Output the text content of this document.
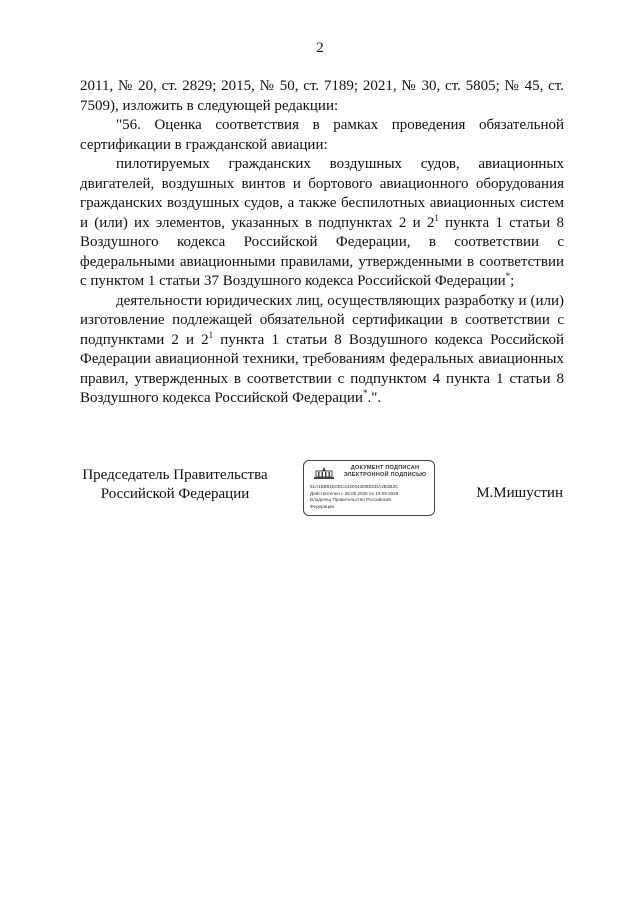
2

2011, № 20, ст. 2829; 2015, № 50, ст. 7189; 2021, № 30, ст. 5805; № 45, ст. 7509), изложить в следующей редакции:

"56. Оценка соответствия в рамках проведения обязательной сертификации в гражданской авиации:

пилотируемых гражданских воздушных судов, авиационных двигателей, воздушных винтов и бортового авиационного оборудования гражданских воздушных судов, а также беспилотных авиационных систем и (или) их элементов, указанных в подпунктах 2 и $2^1$ пункта 1 статьи 8 Воздушного кодекса Российской Федерации, в соответствии с федеральными авиационными правилами, утвержденными в соответствии с пунктом 1 статьи 37 Воздушного кодекса Российской Федерации*;

деятельности юридических лиц, осуществляющих разработку и (или) изготовление подлежащей обязательной сертификации в соответствии с подпунктами 2 и $2^1$ пункта 1 статьи 8 Воздушного кодекса Российской Федерации авиационной техники, требованиям федеральных авиационных правил, утвержденных в соответствии с подпунктом 4 пункта 1 статьи 8 Воздушного кодекса Российской Федерации*.".

Председатель Правительства
Российской Федерации
ДОКУМЕНТ ПОДПИСАН
ЭЛЕКТРОННОЙ ПОДПИСЬЮ
51A1B8B1E0DC4420043DBEDDA2B3B2C
Действителен с 26.06.2025 по 19.09.2026
Владелец Правительство Российской
Федерации
М.Мишустин
